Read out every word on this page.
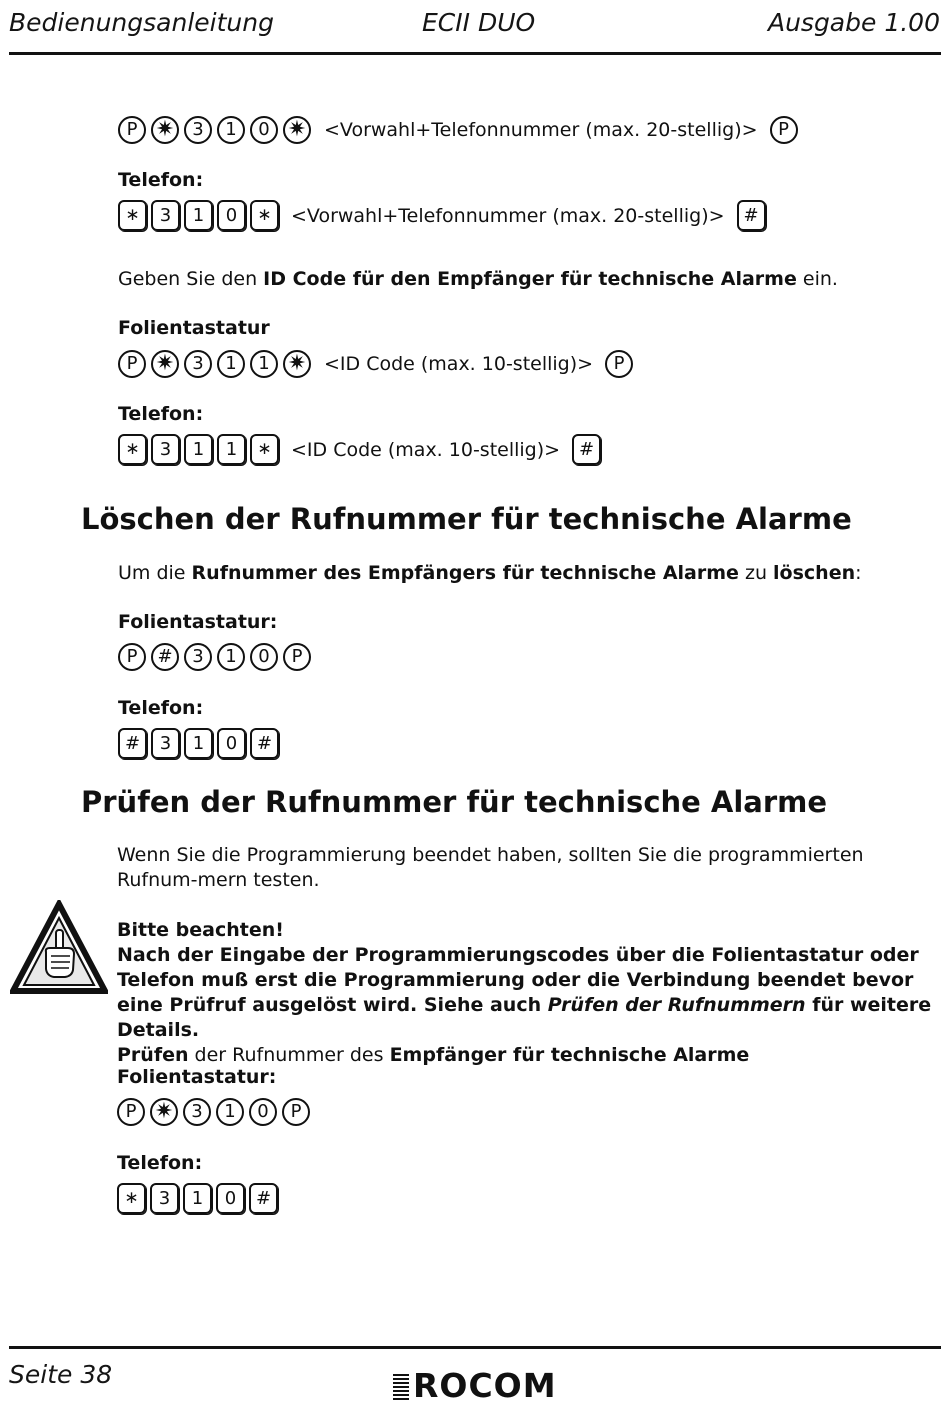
Bedienungsanleitung	ECII DUO	Ausgabe 1.00
P ✷ 3 1 0 ✷ <Vorwahl+Telefonnummer (max. 20-stellig)>	P
Telefon:
∗ 3 1 0 ∗ <Vorwahl+Telefonnummer (max. 20-stellig)>	#
Geben Sie den ID Code für den Empfänger für technische Alarme ein.
Folientastatur
P ✷ 3 1 1 ✷ <ID Code (max. 10-stellig)>	P
Telefon:
∗ 3 1 1 ∗ <ID Code (max. 10-stellig)>	#
Löschen der Rufnummer für technische Alarme
Um die Rufnummer des Empfängers für technische Alarme zu löschen:
Folientastatur:
P # 3 1 0 P
Telefon:
# 3 1 0 #
Prüfen der Rufnummer für technische Alarme
Wenn Sie die Programmierung beendet haben, sollten Sie die programmierten Rufnum-mern testen.
Bitte beachten!
Nach der Eingabe der Programmierungscodes über die Folientastatur oder Telefon muß erst die Programmierung oder die Verbindung beendet bevor eine Prüfruf ausgelöst wird. Siehe auch Prüfen der Rufnummern für weitere Details.
Prüfen der Rufnummer des Empfänger für technische Alarme
Folientastatur:
P ✷ 3 1 0 P
Telefon:
∗ 3 1 0 #
Seite 38	ROCOM
